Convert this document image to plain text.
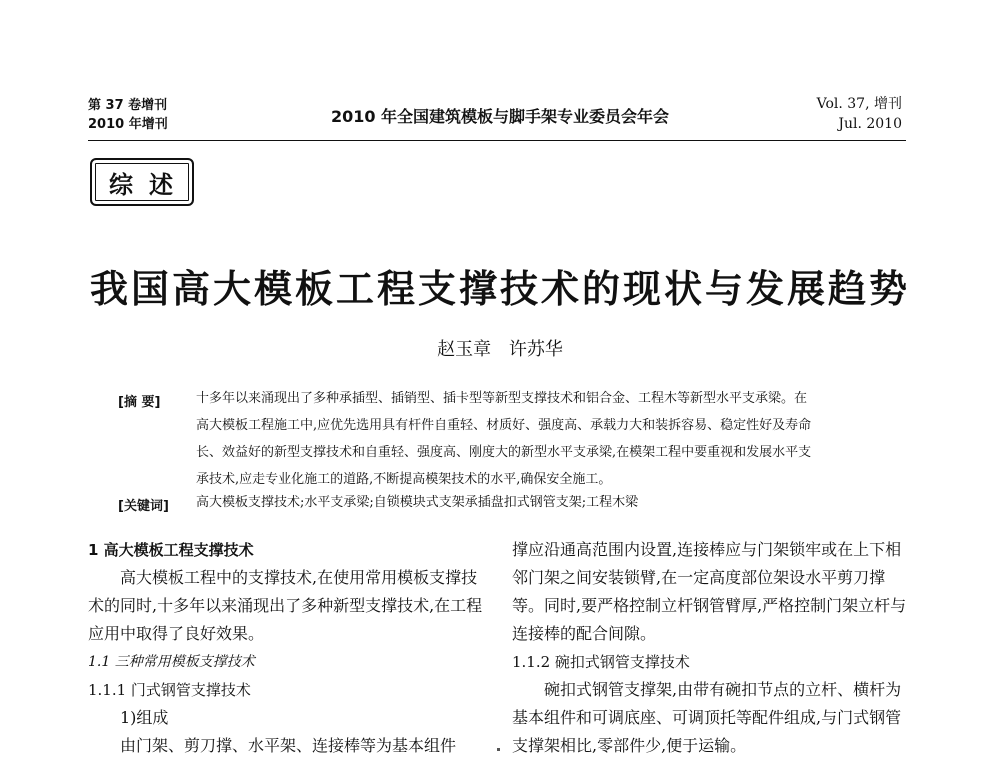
第 37 卷增刊
2010 年增刊	2010 年全国建筑模板与脚手架专业委员会年会
Vol. 37, 增刊
Jul. 2010
综述
我国高大模板工程支撑技术的现状与发展趋势
赵玉章 许苏华
[摘 要]	十多年以来涌现出了多种承插型、插销型、插卡型等新型支撑技术和铝合金、工程木等新型水平支承梁。在
高大模板工程施工中,应优先选用具有杆件自重轻、材质好、强度高、承载力大和装拆容易、稳定性好及寿命
长、效益好的新型支撑技术和自重轻、强度高、刚度大的新型水平支承梁,在模架工程中要重视和发展水平支
承技术,应走专业化施工的道路,不断提高模架技术的水平,确保安全施工。
[关键词] 高大模板支撑技术;水平支承梁;自锁模块式支架承插盘扣式钢管支架;工程木梁

1 高大模板工程支撑技术

高大模板工程中的支撑技术,在使用常用模板支撑技术的同时,十多年以来涌现出了多种新型支撑技术,在工程应用中取得了良好效果。

1.1 三种常用模板支撑技术

1.1.1 门式钢管支撑技术

1)组成

由门架、剪刀撑、水平架、连接棒等为基本组件

撑应沿通高范围内设置,连接棒应与门架锁牢或在上下相邻门架之间安装锁臂,在一定高度部位架设水平剪刀撑等。同时,要严格控制立杆钢管臂厚,严格控制门架立杆与连接棒的配合间隙。

1.1.2 碗扣式钢管支撑技术

碗扣式钢管支撑架,由带有碗扣节点的立杆、横杆为基本组件和可调底座、可调顶托等配件组成,与门式钢管支撑架相比,零部件少,便于运输。
